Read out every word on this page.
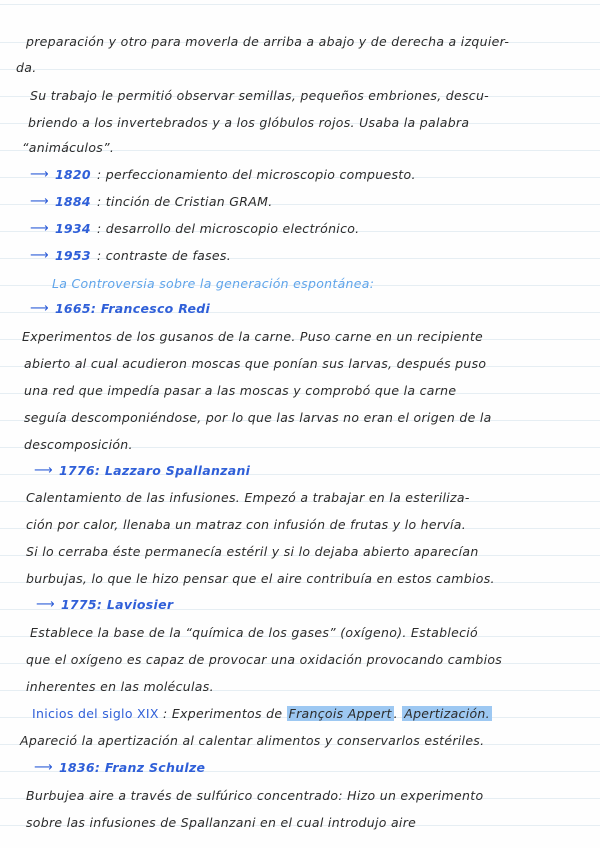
preparación y otro para moverla de arriba a abajo y de derecha a izquier-
da.
Su trabajo le permitió observar semillas, pequeños embriones, descu-
briendo a los invertebrados y a los glóbulos rojos. Usaba la palabra
“animáculos”.
⟶ 1820 : perfeccionamiento del microscopio compuesto.
⟶ 1884 : tinción de Cristian GRAM.
⟶ 1934 : desarrollo del microscopio electrónico.
⟶ 1953 : contraste de fases.
La Controversia sobre la generación espontánea:
⟶ 1665: Francesco Redi
Experimentos de los gusanos de la carne. Puso carne en un recipiente
abierto al cual acudieron moscas que ponían sus larvas, después puso
una red que impedía pasar a las moscas y comprobó que la carne
seguía descomponiéndose, por lo que las larvas no eran el origen de la
descomposición.
⟶ 1776: Lazzaro Spallanzani
Calentamiento de las infusiones. Empezó a trabajar en la esteriliza-
ción por calor, llenaba un matraz con infusión de frutas y lo hervía.
Si lo cerraba éste permanecía estéril y si lo dejaba abierto aparecían
burbujas, lo que le hizo pensar que el aire contribuía en estos cambios.
⟶ 1775: Laviosier
Establece la base de la “química de los gases” (oxígeno). Estableció
que el oxígeno es capaz de provocar una oxidación provocando cambios
inherentes en las moléculas.
Inicios del siglo XIX : Experimentos de François Appert . Apertización.
Apareció la apertización al calentar alimentos y conservarlos estériles.
⟶ 1836: Franz Schulze
Burbujea aire a través de sulfúrico concentrado: Hizo un experimento
sobre las infusiones de Spallanzani en el cual introdujo aire
